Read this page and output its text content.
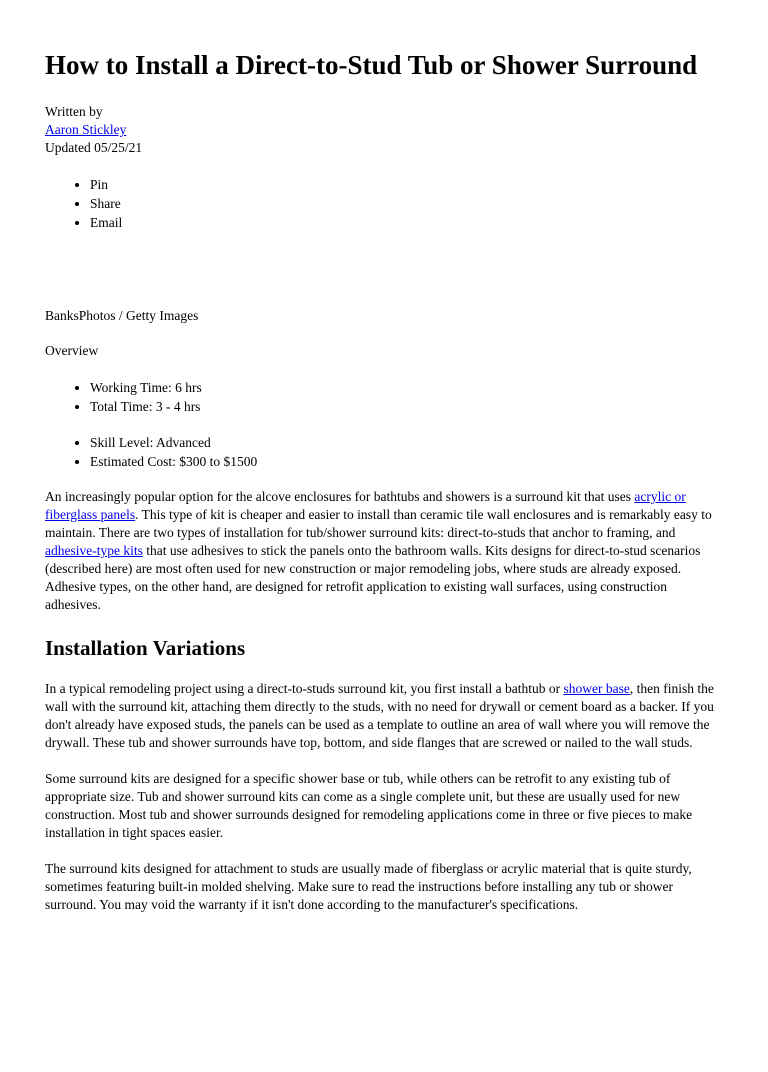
How to Install a Direct-to-Stud Tub or Shower Surround
Written by
Aaron Stickley
Updated 05/25/21
• Pin
• Share
• Email
BanksPhotos / Getty Images
Overview
• Working Time: 6 hrs
• Total Time: 3 - 4 hrs
• Skill Level: Advanced
• Estimated Cost: $300 to $1500

An increasingly popular option for the alcove enclosures for bathtubs and showers is a surround kit that uses acrylic or fiberglass panels. This type of kit is cheaper and easier to install than ceramic tile wall enclosures and is remarkably easy to maintain. There are two types of installation for tub/shower surround kits: direct-to-studs that anchor to framing, and adhesive-type kits that use adhesives to stick the panels onto the bathroom walls. Kits designs for direct-to-stud scenarios (described here) are most often used for new construction or major remodeling jobs, where studs are already exposed. Adhesive types, on the other hand, are designed for retrofit application to existing wall surfaces, using construction adhesives.

Installation Variations

In a typical remodeling project using a direct-to-studs surround kit, you first install a bathtub or shower base, then finish the wall with the surround kit, attaching them directly to the studs, with no need for drywall or cement board as a backer. If you don't already have exposed studs, the panels can be used as a template to outline an area of wall where you will remove the drywall. These tub and shower surrounds have top, bottom, and side flanges that are screwed or nailed to the wall studs.

Some surround kits are designed for a specific shower base or tub, while others can be retrofit to any existing tub of appropriate size. Tub and shower surround kits can come as a single complete unit, but these are usually used for new construction. Most tub and shower surrounds designed for remodeling applications come in three or five pieces to make installation in tight spaces easier.

The surround kits designed for attachment to studs are usually made of fiberglass or acrylic material that is quite sturdy, sometimes featuring built-in molded shelving. Make sure to read the instructions before installing any tub or shower surround. You may void the warranty if it isn't done according to the manufacturer's specifications.
